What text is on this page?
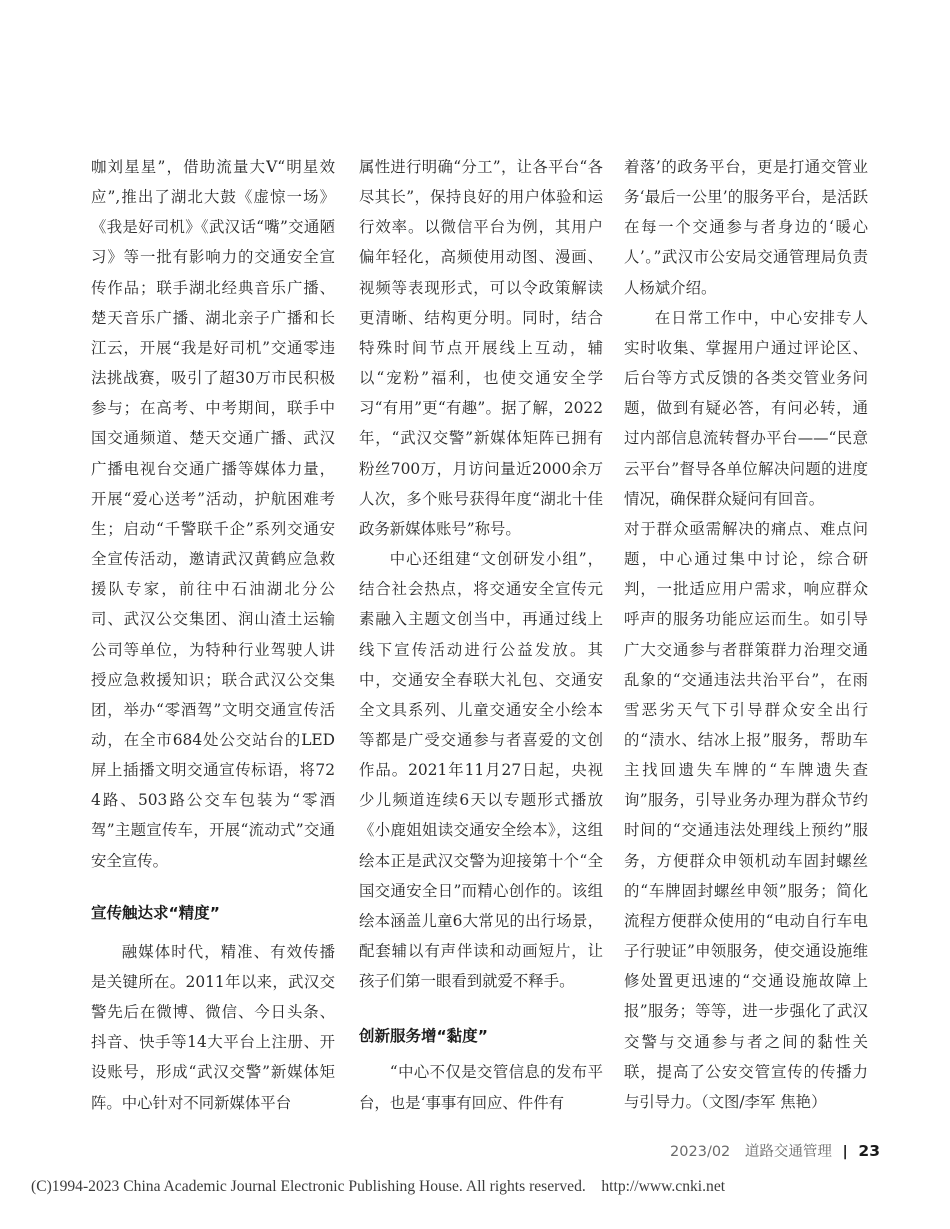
咖刘星星”，借助流量大V“明星效应”,推出了湖北大鼓《虚惊一场》《我是好司机》《武汉话“嘴”交通陋习》等一批有影响力的交通安全宣传作品；联手湖北经典音乐广播、楚天音乐广播、湖北亲子广播和长江云，开展“我是好司机”交通零违法挑战赛，吸引了超30万市民积极参与；在高考、中考期间，联手中国交通频道、楚天交通广播、武汉广播电视台交通广播等媒体力量，开展“爱心送考”活动，护航困难考生；启动“千警联千企”系列交通安全宣传活动，邀请武汉黄鹤应急救援队专家，前往中石油湖北分公司、武汉公交集团、润山渣土运输公司等单位，为特种行业驾驶人讲授应急救援知识；联合武汉公交集团，举办“零酒驾”文明交通宣传活动，在全市684处公交站台的LED屏上插播文明交通宣传标语，将724路、503路公交车包装为“零酒驾”主题宣传车，开展“流动式”交通安全宣传。

宣传触达求“精度”

融媒体时代，精准、有效传播是关键所在。2011年以来，武汉交警先后在微博、微信、今日头条、抖音、快手等14大平台上注册、开设账号，形成“武汉交警”新媒体矩阵。中心针对不同新媒体平台

属性进行明确“分工”，让各平台“各尽其长”，保持良好的用户体验和运行效率。以微信平台为例，其用户偏年轻化，高频使用动图、漫画、视频等表现形式，可以令政策解读更清晰、结构更分明。同时，结合特殊时间节点开展线上互动，辅以“宠粉”福利，也使交通安全学习“有用”更“有趣”。据了解，2022年，“武汉交警”新媒体矩阵已拥有粉丝700万，月访问量近2000余万人次，多个账号获得年度“湖北十佳政务新媒体账号”称号。

中心还组建“文创研发小组”，结合社会热点，将交通安全宣传元素融入主题文创当中，再通过线上线下宣传活动进行公益发放。其中，交通安全春联大礼包、交通安全文具系列、儿童交通安全小绘本等都是广受交通参与者喜爱的文创作品。2021年11月27日起，央视少儿频道连续6天以专题形式播放《小鹿姐姐读交通安全绘本》，这组绘本正是武汉交警为迎接第十个“全国交通安全日”而精心创作的。该组绘本涵盖儿童6大常见的出行场景，配套辅以有声伴读和动画短片，让孩子们第一眼看到就爱不释手。

创新服务增“黏度”

“中心不仅是交管信息的发布平台，也是‘事事有回应、件件有

着落’的政务平台，更是打通交管业务‘最后一公里’的服务平台，是活跃在每一个交通参与者身边的‘暖心人’。”武汉市公安局交通管理局负责人杨斌介绍。

在日常工作中，中心安排专人实时收集、掌握用户通过评论区、后台等方式反馈的各类交管业务问题，做到有疑必答，有问必转，通过内部信息流转督办平台——“民意云平台”督导各单位解决问题的进度情况，确保群众疑问有回音。

对于群众亟需解决的痛点、难点问题，中心通过集中讨论，综合研判，一批适应用户需求，响应群众呼声的服务功能应运而生。如引导广大交通参与者群策群力治理交通乱象的“交通违法共治平台”，在雨雪恶劣天气下引导群众安全出行的“渍水、结冰上报”服务，帮助车主找回遗失车牌的“车牌遗失查询”服务，引导业务办理为群众节约时间的“交通违法处理线上预约”服务，方便群众申领机动车固封螺丝的“车牌固封螺丝申领”服务；简化流程方便群众使用的“电动自行车电子行驶证”申领服务，使交通设施维修处置更迅速的“交通设施故障上报”服务；等等，进一步强化了武汉交警与交通参与者之间的黏性关联，提高了公安交管宣传的传播力与引导力。（文图/李军 焦艳）

2023/02 道路交通管理 | 23
(C)1994-2023 China Academic Journal Electronic Publishing House. All rights reserved.    http://www.cnki.net
